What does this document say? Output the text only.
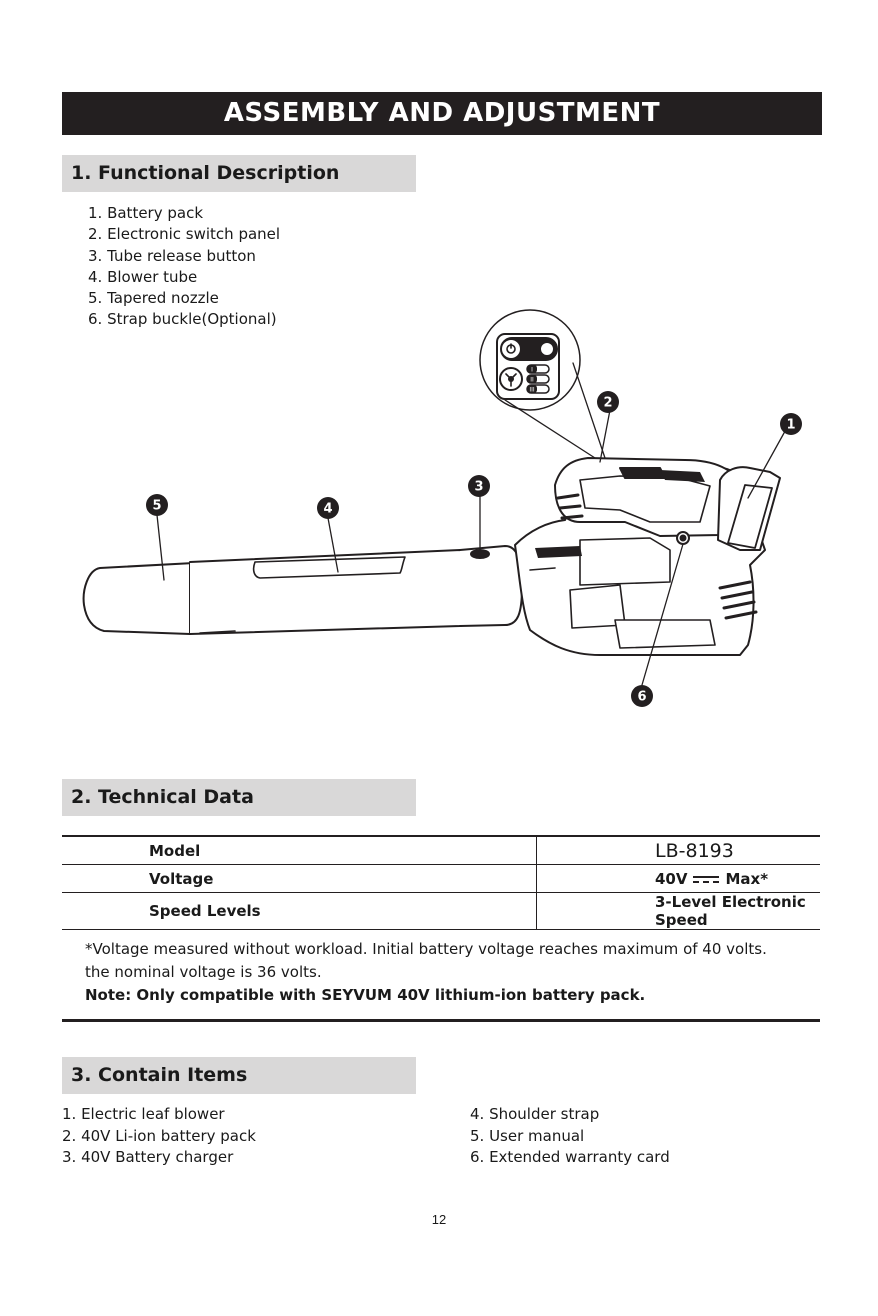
ASSEMBLY AND ADJUSTMENT
1. Functional Description
1. Battery pack
2. Electronic switch panel
3. Tube release button
4. Blower tube
5. Tapered nozzle
6. Strap buckle(Optional)
I
II
III
1
2
3
4
5
6
2. Technical Data
Model	LB-8193
Voltage	40V Max*
Speed Levels	3-Level Electronic Speed
*Voltage measured without workload. Initial battery voltage reaches maximum of 40 volts.
the nominal voltage is 36 volts.
Note: Only compatible with SEYVUM 40V lithium-ion battery pack.
3. Contain Items
1. Electric leaf blower
2. 40V Li-ion battery pack
3. 40V Battery charger
4. Shoulder strap
5. User manual
6. Extended warranty card
12
